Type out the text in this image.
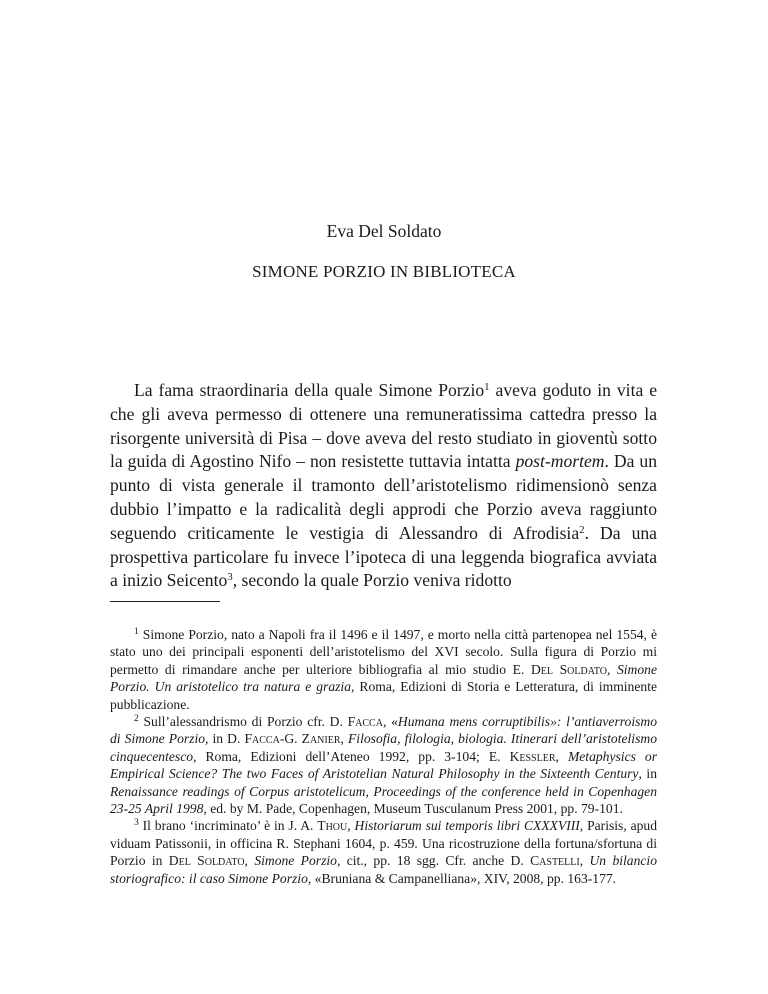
Eva Del Soldato
SIMONE PORZIO IN BIBLIOTECA

La fama straordinaria della quale Simone Porzio$^1$ aveva goduto in vita e che gli aveva permesso di ottenere una remuneratissima cattedra presso la risorgente università di Pisa – dove aveva del resto studiato in gioventù sotto la guida di Agostino Nifo – non resistette tuttavia intatta post-mortem. Da un punto di vista generale il tramonto dell’aristotelismo ridimensionò senza dubbio l’impatto e la radicalità degli approdi che Porzio aveva raggiunto seguendo criticamente le vestigia di Alessandro di Afrodisia$^2$. Da una prospettiva particolare fu invece l’ipoteca di una leggenda biografica avviata a inizio Seicento$^3$, secondo la quale Porzio veniva ridotto

$^1$ Simone Porzio, nato a Napoli fra il 1496 e il 1497, e morto nella città partenopea nel 1554, è stato uno dei principali esponenti dell’aristotelismo del XVI secolo. Sulla figura di Porzio mi permetto di rimandare anche per ulteriore bibliografia al mio studio E. Del Soldato, Simone Porzio. Un aristotelico tra natura e grazia, Roma, Edizioni di Storia e Letteratura, di imminente pubblicazione.

$^2$ Sull’alessandrismo di Porzio cfr. D. Facca, «Humana mens corruptibilis»: l’antiaverroismo di Simone Porzio, in D. Facca-G. Zanier, Filosofia, filologia, biologia. Itinerari dell’aristotelismo cinquecentesco, Roma, Edizioni dell’Ateneo 1992, pp. 3-104; E. Kessler, Metaphysics or Empirical Science? The two Faces of Aristotelian Natural Philosophy in the Sixteenth Century, in Renaissance readings of Corpus aristotelicum, Proceedings of the conference held in Copenhagen 23-25 April 1998, ed. by M. Pade, Copenhagen, Museum Tusculanum Press 2001, pp. 79-101.

$^3$ Il brano ‘incriminato’ è in J. A. Thou, Historiarum sui temporis libri CXXXVIII, Parisis, apud viduam Patissonii, in officina R. Stephani 1604, p. 459. Una ricostruzione della fortuna/sfortuna di Porzio in Del Soldato, Simone Porzio, cit., pp. 18 sgg. Cfr. anche D. Castelli, Un bilancio storiografico: il caso Simone Porzio, «Bruniana & Campanelliana», XIV, 2008, pp. 163-177.
